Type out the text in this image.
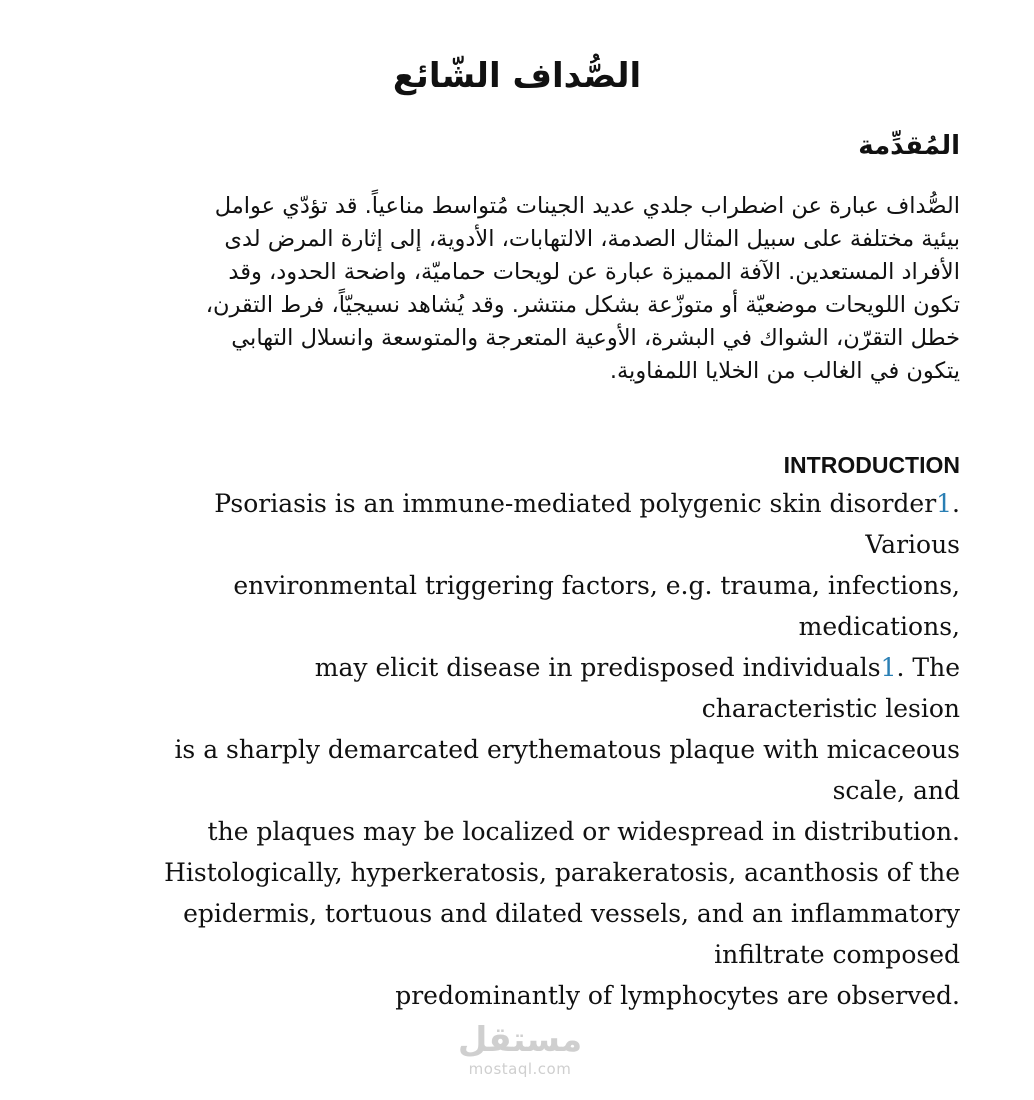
الصُّداف الشّائع
المُقدِّمة

الصُّداف عبارة عن اضطراب جلدي عديد الجينات مُتواسط مناعياً. قد تؤدّي عوامل
بيئية مختلفة على سبيل المثال الصدمة، الالتهابات، الأدوية، إلى إثارة المرض لدى
الأفراد المستعدين. الآفة المميزة عبارة عن لويحات حماميّة، واضحة الحدود، وقد
تكون اللويحات موضعيّة أو متوزّعة بشكل منتشر. وقد يُشاهد نسيجيّاً، فرط التقرن،
خطل التقرّن، الشواك في البشرة، الأوعية المتعرجة والمتوسعة وانسلال التهابي
يتكون في الغالب من الخلايا اللمفاوية.

INTRODUCTION

Psoriasis is an immune-mediated polygenic skin disorder1.
Various
environmental triggering factors, e.g. trauma, infections,
medications,
may elicit disease in predisposed individuals1. The
characteristic lesion
is a sharply demarcated erythematous plaque with micaceous
scale, and
the plaques may be localized or widespread in distribution.
Histologically, hyperkeratosis, parakeratosis, acanthosis of the
epidermis, tortuous and dilated vessels, and an inflammatory
infiltrate composed
predominantly of lymphocytes are observed.

مستقل
mostaql.com
